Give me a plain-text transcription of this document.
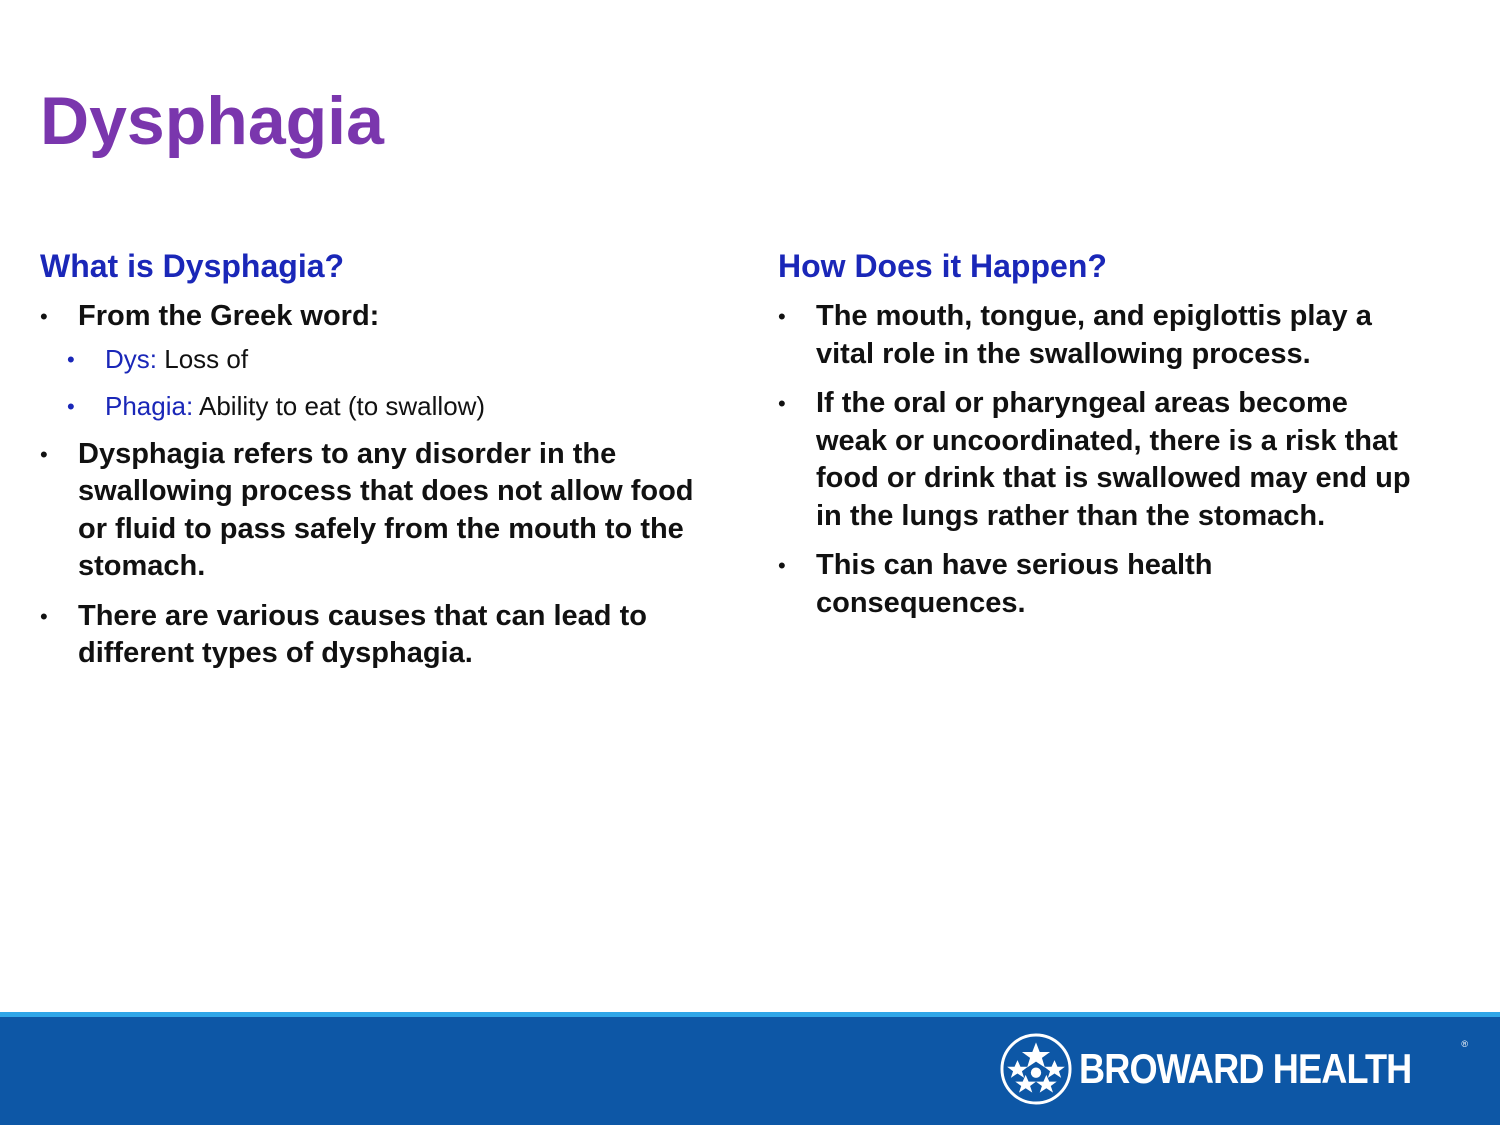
Dysphagia
What is Dysphagia?
• From the Greek word:
• Dys: Loss of
• Phagia: Ability to eat (to swallow)
• Dysphagia refers to any disorder in the swallowing process that does not allow food or fluid to pass safely from the mouth to the stomach.
• There are various causes that can lead to different types of dysphagia.
How Does it Happen?
• The mouth, tongue, and epiglottis play a vital role in the swallowing process.
• If the oral or pharyngeal areas become weak or uncoordinated, there is a risk that food or drink that is swallowed may end up in the lungs rather than the stomach.
• This can have serious health consequences.
BROWARD HEALTH
®
